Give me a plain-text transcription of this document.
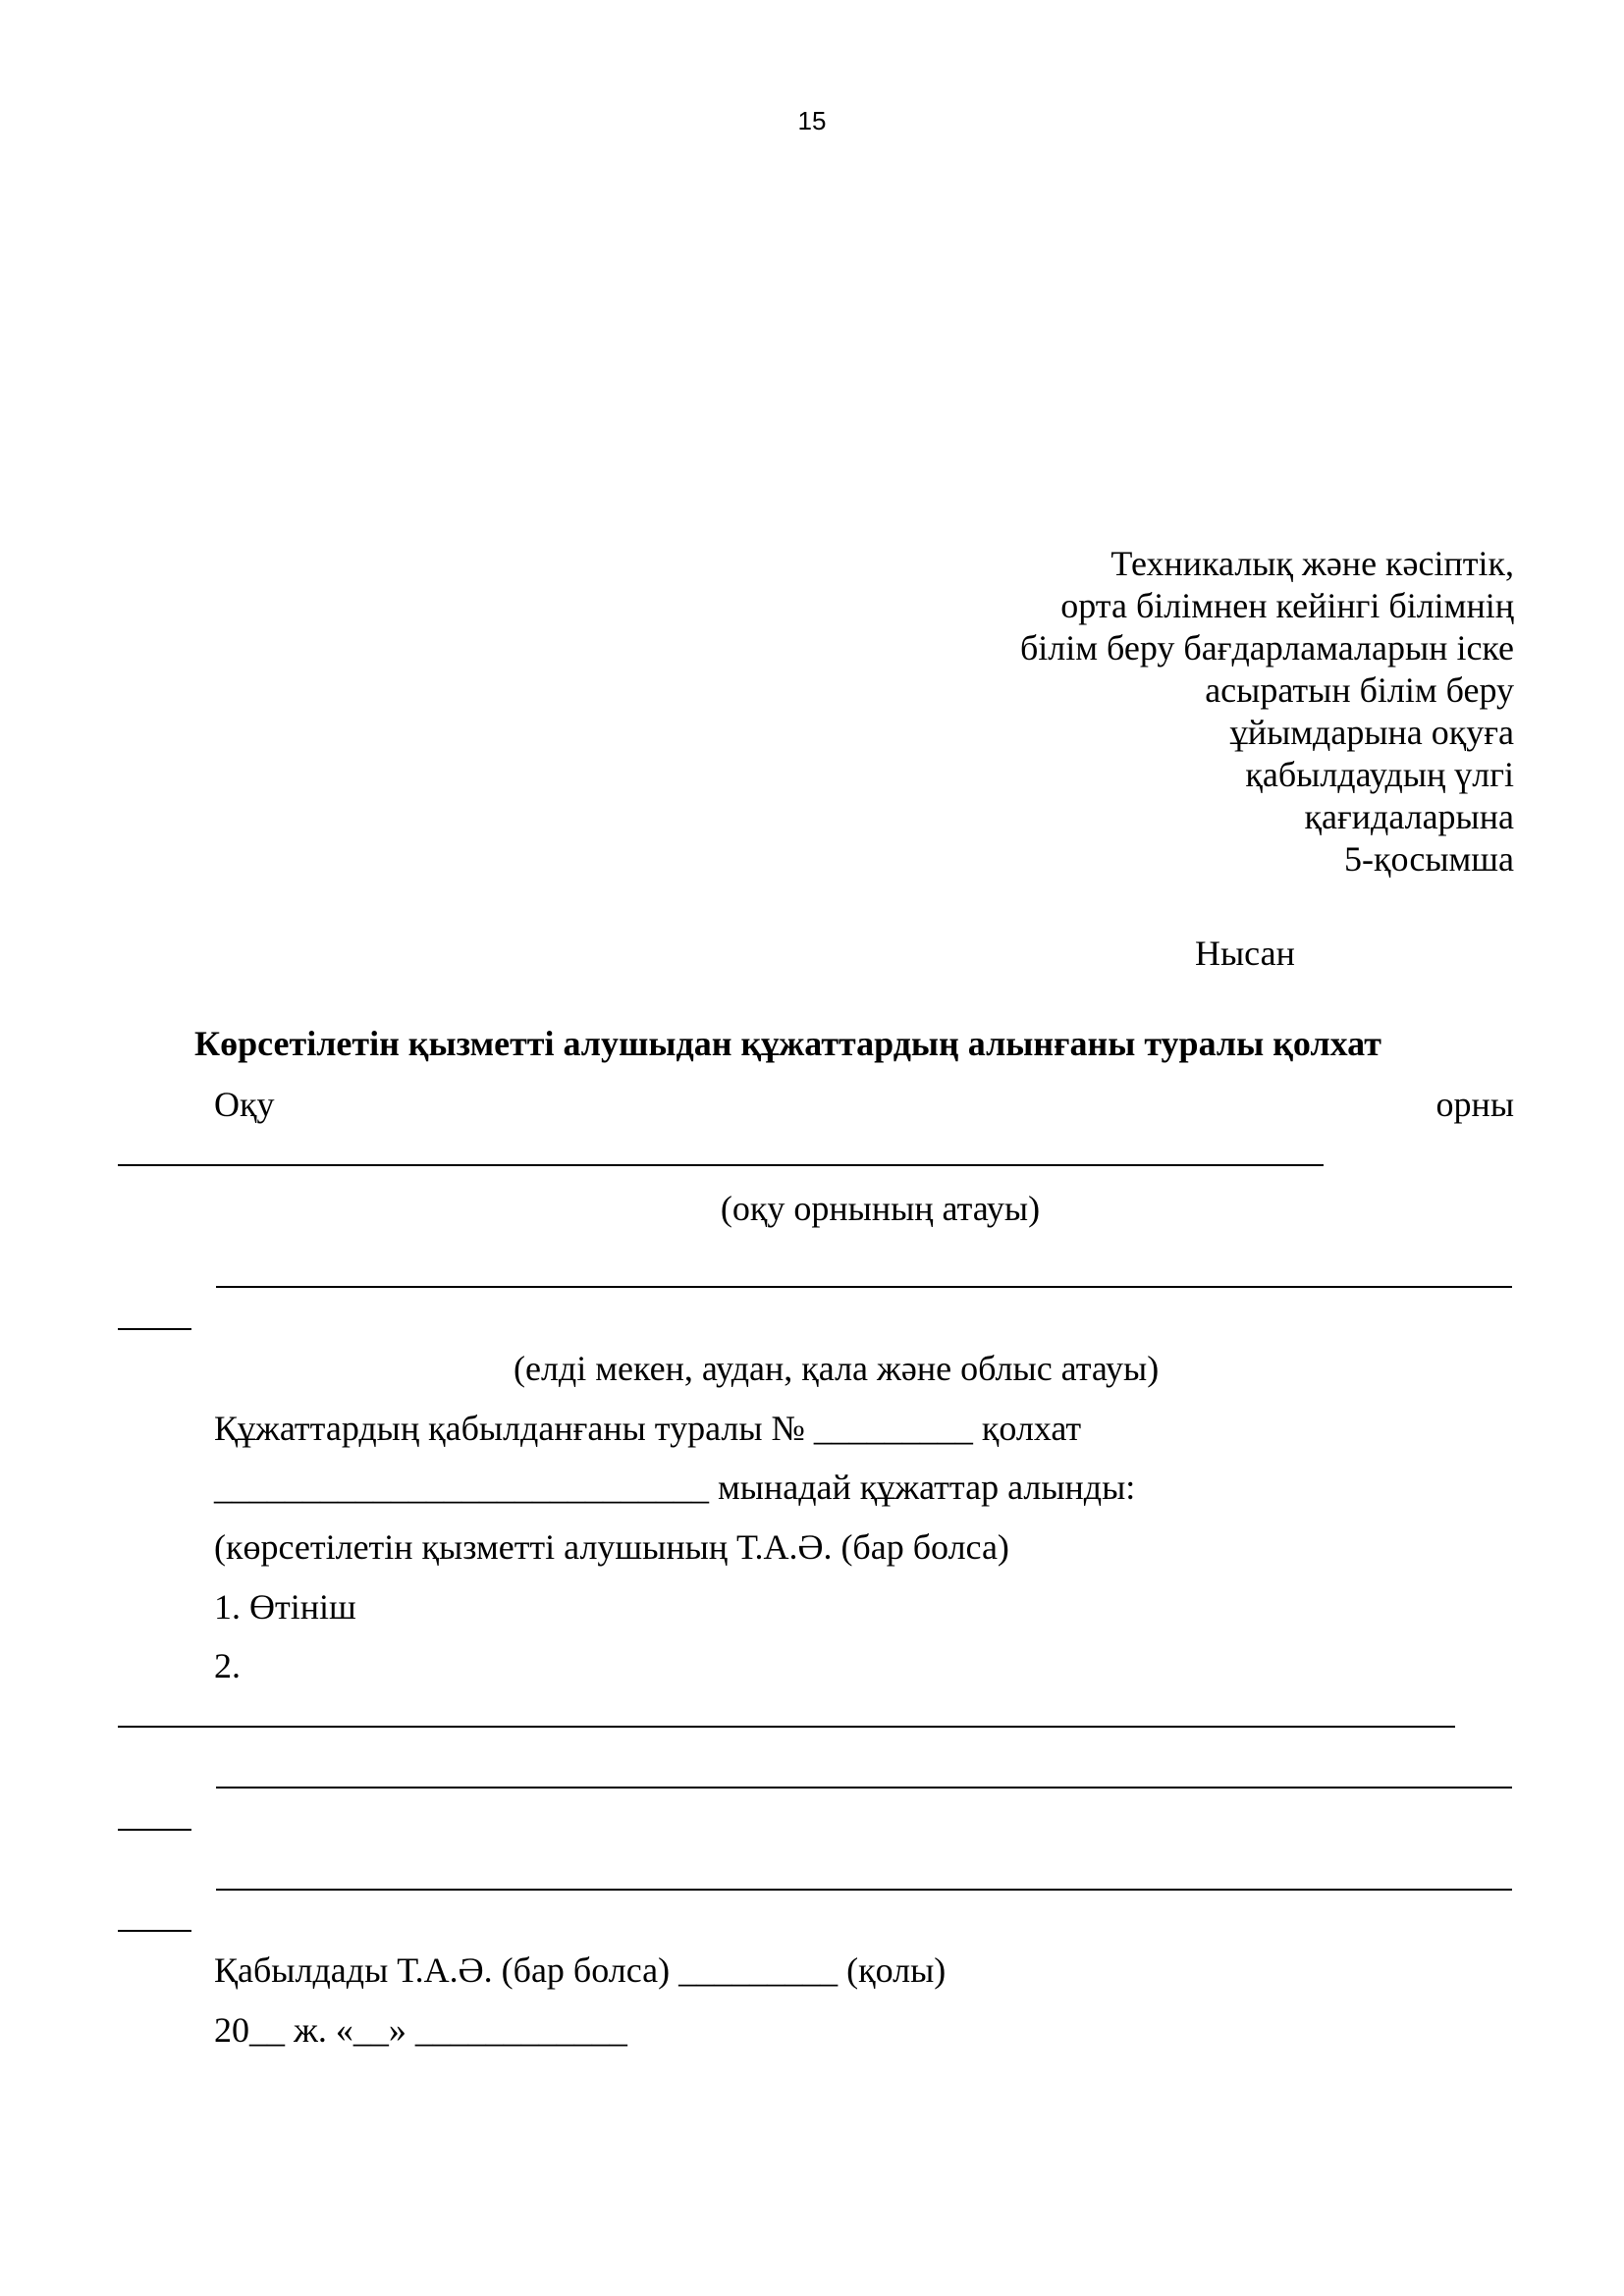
15
Техникалық және кәсіптік,
орта білімнен кейінгі білімнің
білім беру бағдарламаларын іске
асыратын білім беру
ұйымдарына оқуға
қабылдаудың үлгі
қағидаларына
5-қосымша
Нысан
Көрсетілетін қызметті алушыдан құжаттардың алынғаны туралы қолхат
Оқу	орны
(оқу орнының атауы)
(елді мекен, аудан, қала және облыс атауы)
Құжаттардың қабылданғаны туралы № _________ қолхат
____________________________ мынадай құжаттар алынды:
(көрсетілетін қызметті алушының Т.А.Ә. (бар болса)
1. Өтініш
2.
Қабылдады Т.А.Ә. (бар болса) _________ (қолы)
20__ ж. «__» ____________
